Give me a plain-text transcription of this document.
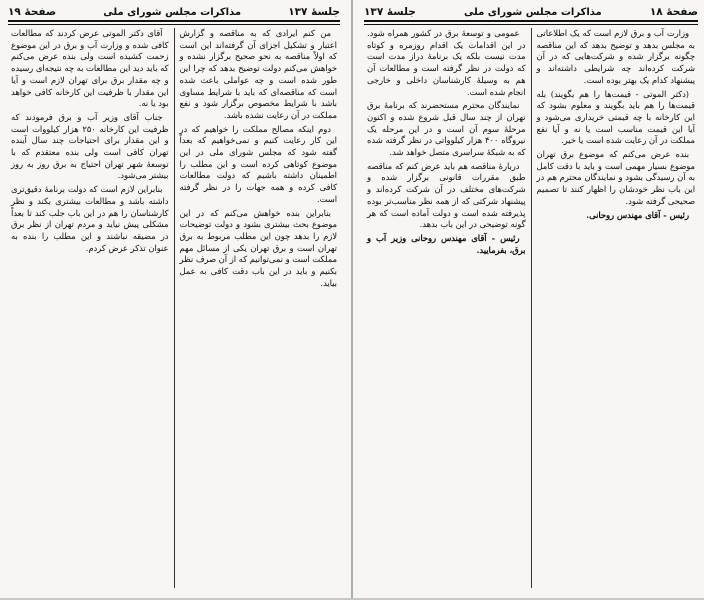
جلسهٔ ۱۳۷
مذاکرات مجلس شورای ملی
صفحهٔ ۱۹

من کنم ایرادی که به مناقصه و گزارش اعتبار و تشکیل اجزای آن گرفته‌اند این است که اولاً مناقصه به نحو صحیح برگزار نشده و خواهش می‌کنم دولت توضیح بدهد که چرا این طور شده است و چه عواملی باعث شده است که مناقصه‌ای که باید با شرایط مساوی باشد با شرایط مخصوص برگزار شود و نفع مملکت در آن رعایت نشده باشد.

دوم اینکه مصالح مملکت را خواهیم که در این کار رعایت کنیم و نمی‌خواهیم که بعداً گفته شود که مجلس شورای ملی در این موضوع کوتاهی کرده است و این مطلب را اطمینان داشته باشیم که دولت مطالعات کافی کرده و همه جهات را در نظر گرفته است.

بنابراین بنده خواهش می‌کنم که در این موضوع بحث بیشتری بشود و دولت توضیحات لازم را بدهد چون این مطلب مربوط به برق تهران است و برق تهران یکی از مسائل مهم مملکت است و نمی‌توانیم که از آن صرف نظر بکنیم و باید در این باب دقت کافی به عمل بیاید.

آقای دکتر الموتی عرض کردند که مطالعات کافی شده و وزارت آب و برق در این موضوع زحمت کشیده است ولی بنده عرض می‌کنم که باید دید این مطالعات به چه نتیجه‌ای رسیده و چه مقدار برق برای تهران لازم است و آیا این مقدار با ظرفیت این کارخانه کافی خواهد بود یا نه.

جناب آقای وزیر آب و برق فرمودند که ظرفیت این کارخانه ۲۵۰ هزار کیلووات است و این مقدار برای احتیاجات چند سال آینده تهران کافی است ولی بنده معتقدم که با توسعهٔ شهر تهران احتیاج به برق روز به روز بیشتر می‌شود.

بنابراین لازم است که دولت برنامهٔ دقیق‌تری داشته باشد و مطالعات بیشتری بکند و نظر کارشناسان را هم در این باب جلب کند تا بعداً مشکلی پیش نیاید و مردم تهران از نظر برق در مضیقه نباشند و این مطلب را بنده به عنوان تذکر عرض کردم.

صفحهٔ ۱۸
مذاکرات مجلس شورای ملی
جلسهٔ ۱۳۷

وزارت آب و برق لازم است که یک اطلاعاتی به مجلس بدهد و توضیح بدهد که این مناقصه چگونه برگزار شده و شرکت‌هایی که در آن شرکت کرده‌اند چه شرایطی داشته‌اند و پیشنهاد کدام یک بهتر بوده است.

(دکتر الموتی - قیمت‌ها را هم بگویند) بله قیمت‌ها را هم باید بگویند و معلوم بشود که این کارخانه با چه قیمتی خریداری می‌شود و آیا این قیمت مناسب است یا نه و آیا نفع مملکت در آن رعایت شده است یا خیر.

بنده عرض می‌کنم که موضوع برق تهران موضوع بسیار مهمی است و باید با دقت کامل به آن رسیدگی بشود و نمایندگان محترم هم در این باب نظر خودشان را اظهار کنند تا تصمیم صحیحی گرفته شود.

رئیس - آقای مهندس روحانی.

عمومی و توسعهٔ برق در کشور همراه شود. در این اقدامات یک اقدام روزمره و کوتاه مدت نیست بلکه یک برنامهٔ دراز مدت است که دولت در نظر گرفته است و مطالعات آن هم به وسیلهٔ کارشناسان داخلی و خارجی انجام شده است.

نمایندگان محترم مستحضرند که برنامهٔ برق تهران از چند سال قبل شروع شده و اکنون مرحلهٔ سوم آن است و در این مرحله یک نیروگاه ۴۰۰ هزار کیلوواتی در نظر گرفته شده که به شبکهٔ سراسری متصل خواهد شد.

دربارهٔ مناقصه هم باید عرض کنم که مناقصه طبق مقررات قانونی برگزار شده و شرکت‌های مختلف در آن شرکت کرده‌اند و پیشنهاد شرکتی که از همه نظر مناسب‌تر بوده پذیرفته شده است و دولت آماده است که هر گونه توضیحی در این باب بدهد.

رئیس - آقای مهندس روحانی وزیر آب و برق، بفرمایید.
